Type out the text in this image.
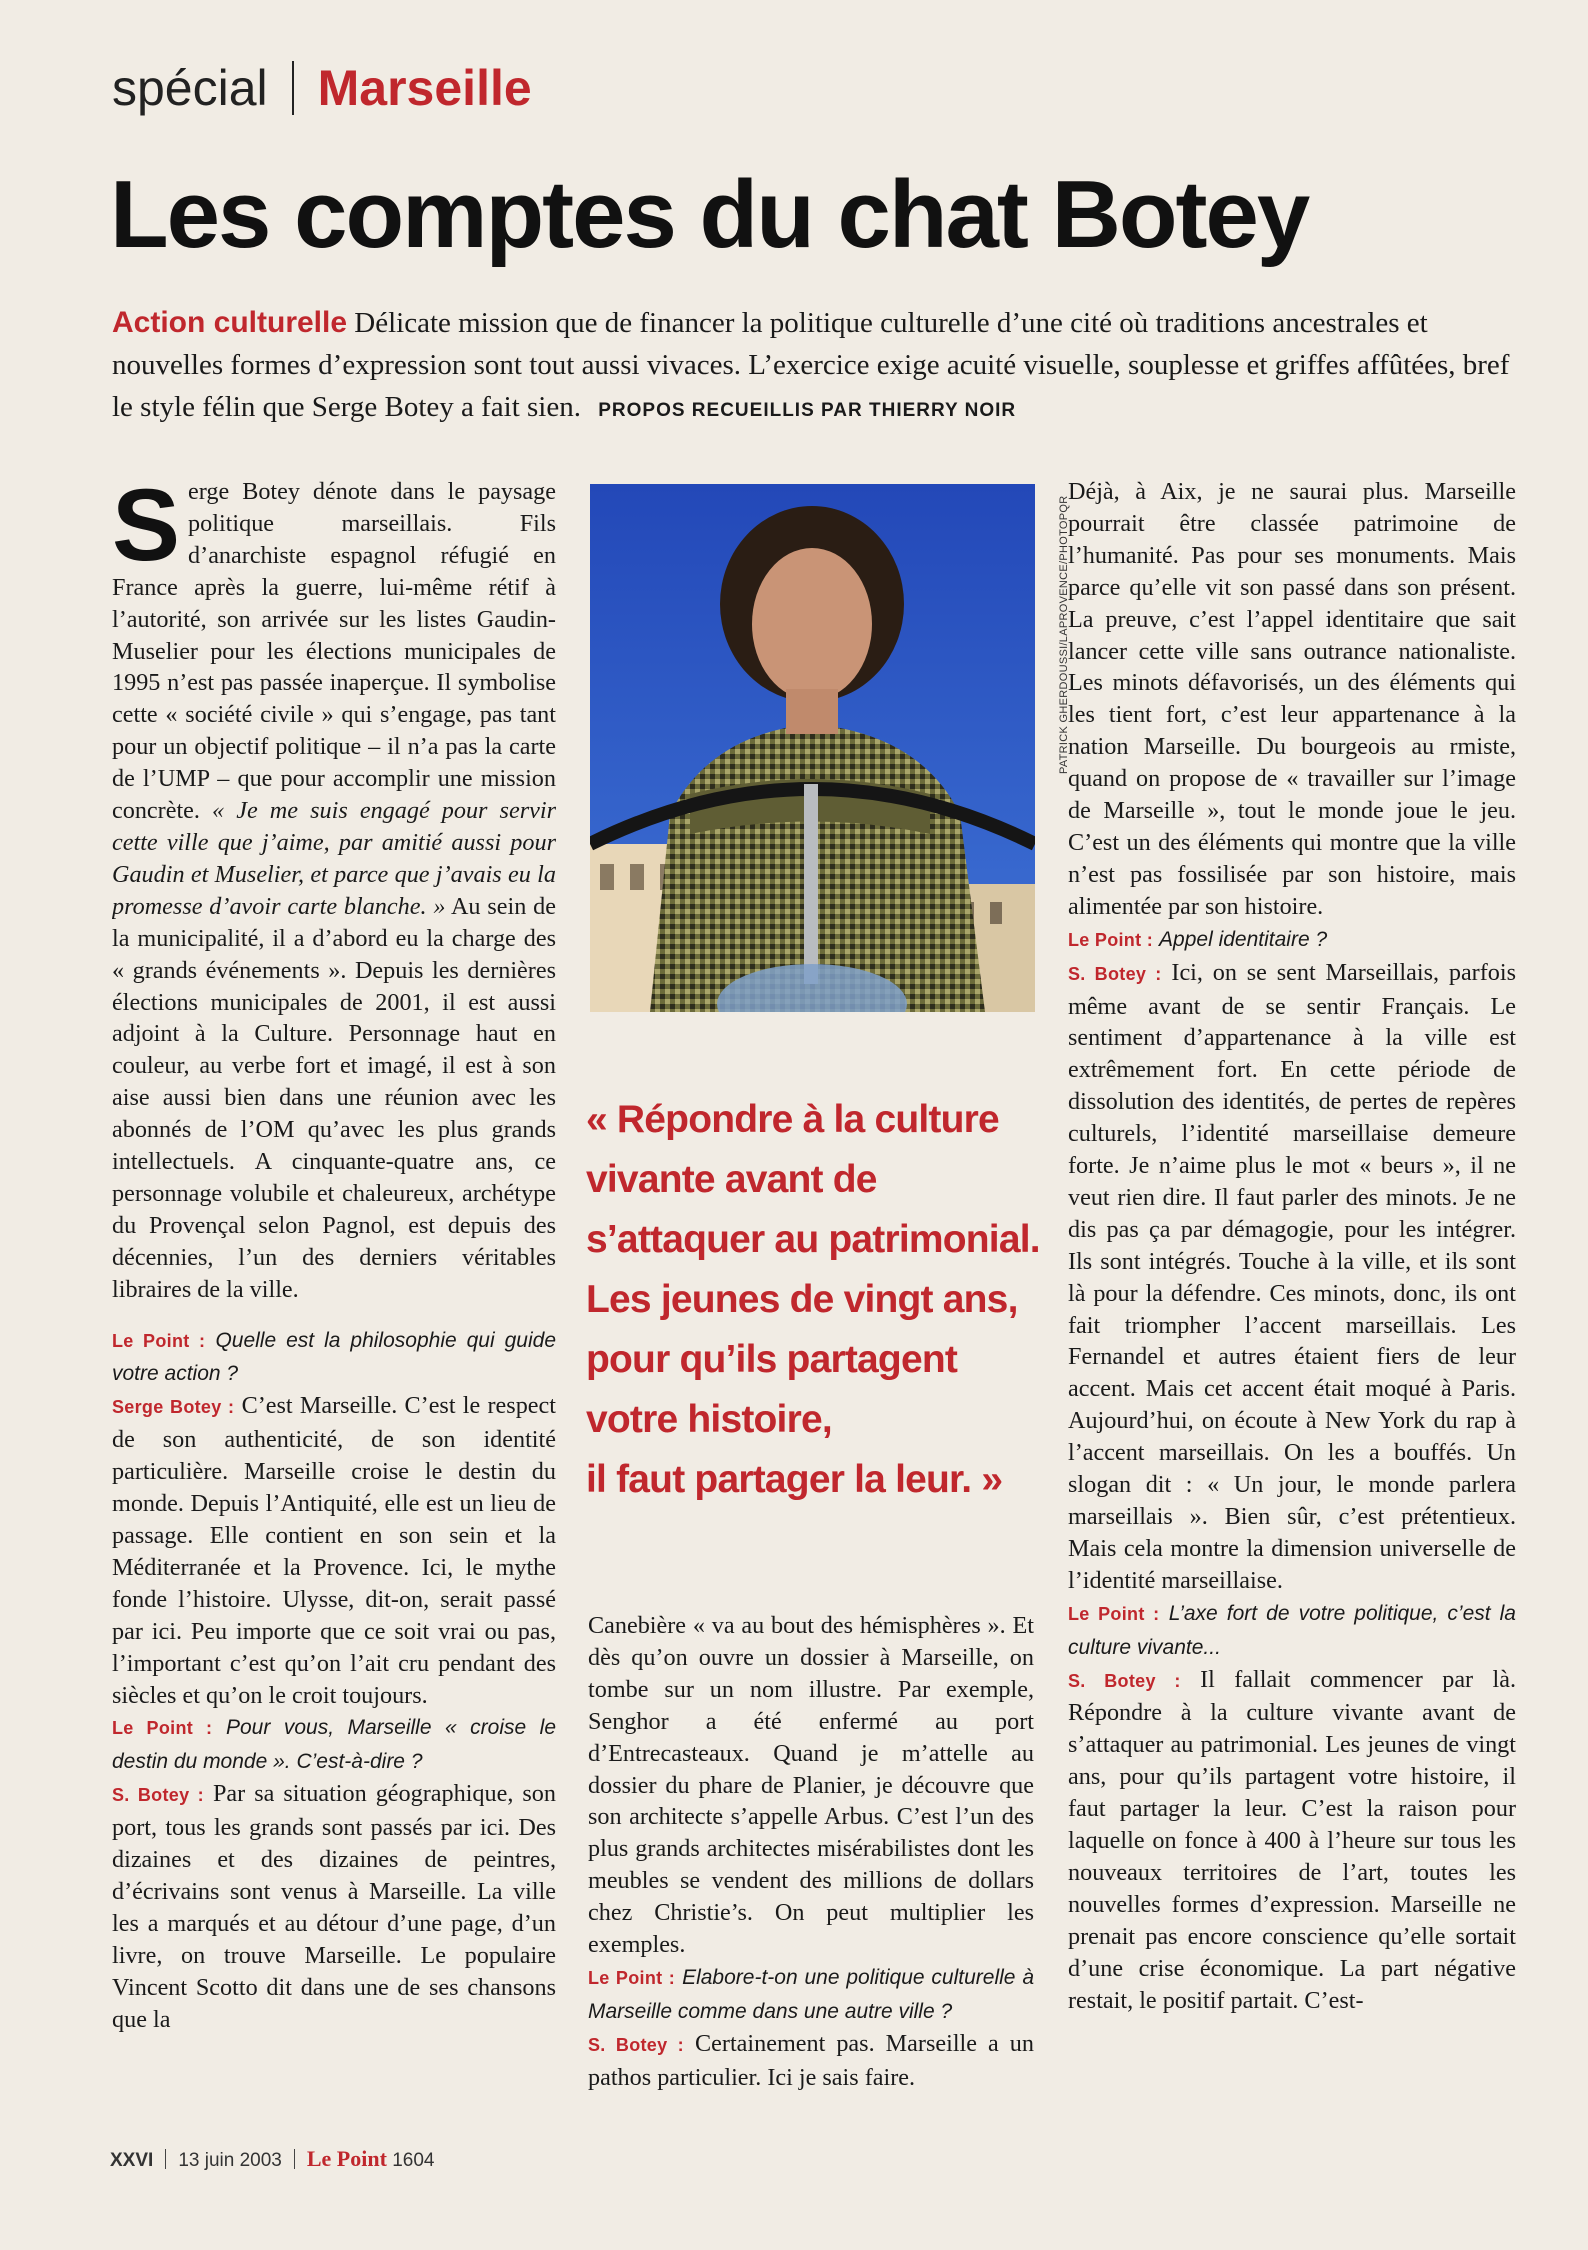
spécial Marseille
Les comptes du chat Botey
Action culturelle Délicate mission que de financer la politique culturelle d’une cité où traditions ancestrales et nouvelles formes d’expression sont tout aussi vivaces. L’exercice exige acuité visuelle, souplesse et griffes affûtées, bref le style félin que Serge Botey a fait sien. PROPOS RECUEILLIS PAR THIERRY NOIR

Serge Botey dénote dans le paysage politique marseillais. Fils d’anarchiste espagnol réfugié en France après la guerre, lui-même rétif à l’autorité, son arrivée sur les listes Gaudin-Muselier pour les élections municipales de 1995 n’est pas passée inaperçue. Il symbolise cette « société civile » qui s’engage, pas tant pour un objectif politique – il n’a pas la carte de l’UMP – que pour accomplir une mission concrète. « Je me suis engagé pour servir cette ville que j’aime, par amitié aussi pour Gaudin et Muselier, et parce que j’avais eu la promesse d’avoir carte blanche. » Au sein de la municipalité, il a d’abord eu la charge des « grands événements ». Depuis les dernières élections municipales de 2001, il est aussi adjoint à la Culture. Personnage haut en couleur, au verbe fort et imagé, il est à son aise aussi bien dans une réunion avec les abonnés de l’OM qu’avec les plus grands intellectuels. A cinquante-quatre ans, ce personnage volubile et chaleureux, archétype du Provençal selon Pagnol, est depuis des décennies, l’un des derniers véritables libraires de la ville.

Le Point : Quelle est la philosophie qui guide votre action ?

Serge Botey : C’est Marseille. C’est le respect de son authenticité, de son identité particulière. Marseille croise le destin du monde. Depuis l’Antiquité, elle est un lieu de passage. Elle contient en son sein et la Méditerranée et la Provence. Ici, le mythe fonde l’histoire. Ulysse, dit-on, serait passé par ici. Peu importe que ce soit vrai ou pas, l’important c’est qu’on l’ait cru pendant des siècles et qu’on le croit toujours.

Le Point : Pour vous, Marseille « croise le destin du monde ». C’est-à-dire ?

S. Botey : Par sa situation géographique, son port, tous les grands sont passés par ici. Des dizaines et des dizaines de peintres, d’écrivains sont venus à Marseille. La ville les a marqués et au détour d’une page, d’un livre, on trouve Marseille. Le populaire Vincent Scotto dit dans une de ses chansons que la

PATRICK GHERDOUSSI/LAPROVENCE/PHOTOPQR
« Répondre à la culture
vivante avant de
s’attaquer au patrimonial.
Les jeunes de vingt ans,
pour qu’ils partagent
votre histoire,
il faut partager la leur. »

Canebière « va au bout des hémisphères ». Et dès qu’on ouvre un dossier à Marseille, on tombe sur un nom illustre. Par exemple, Senghor a été enfermé au port d’Entrecasteaux. Quand je m’attelle au dossier du phare de Planier, je découvre que son architecte s’appelle Arbus. C’est l’un des plus grands architectes misérabilistes dont les meubles se vendent des millions de dollars chez Christie’s. On peut multiplier les exemples.

Le Point : Elabore-t-on une politique culturelle à Marseille comme dans une autre ville ?

S. Botey : Certainement pas. Marseille a un pathos particulier. Ici je sais faire.

Déjà, à Aix, je ne saurai plus. Marseille pourrait être classée patrimoine de l’humanité. Pas pour ses monuments. Mais parce qu’elle vit son passé dans son présent. La preuve, c’est l’appel identitaire que sait lancer cette ville sans outrance nationaliste. Les minots défavorisés, un des éléments qui les tient fort, c’est leur appartenance à la nation Marseille. Du bourgeois au rmiste, quand on propose de « travailler sur l’image de Marseille », tout le monde joue le jeu. C’est un des éléments qui montre que la ville n’est pas fossilisée par son histoire, mais alimentée par son histoire.

Le Point : Appel identitaire ?

S. Botey : Ici, on se sent Marseillais, parfois même avant de se sentir Français. Le sentiment d’appartenance à la ville est extrêmement fort. En cette période de dissolution des identités, de pertes de repères culturels, l’identité marseillaise demeure forte. Je n’aime plus le mot « beurs », il ne veut rien dire. Il faut parler des minots. Je ne dis pas ça par démagogie, pour les intégrer. Ils sont intégrés. Touche à la ville, et ils sont là pour la défendre. Ces minots, donc, ils ont fait triompher l’accent marseillais. Les Fernandel et autres étaient fiers de leur accent. Mais cet accent était moqué à Paris. Aujourd’hui, on écoute à New York du rap à l’accent marseillais. On les a bouffés. Un slogan dit : « Un jour, le monde parlera marseillais ». Bien sûr, c’est prétentieux. Mais cela montre la dimension universelle de l’identité marseillaise.

Le Point : L’axe fort de votre politique, c’est la culture vivante...

S. Botey : Il fallait commencer par là. Répondre à la culture vivante avant de s’attaquer au patrimonial. Les jeunes de vingt ans, pour qu’ils partagent votre histoire, il faut partager la leur. C’est la raison pour laquelle on fonce à 400 à l’heure sur tous les nouveaux territoires de l’art, toutes les nouvelles formes d’expression. Marseille ne prenait pas encore conscience qu’elle sortait d’une crise économique. La part négative restait, le positif partait. C’est-

XXVI 13 juin 2003 Le Point 1604
